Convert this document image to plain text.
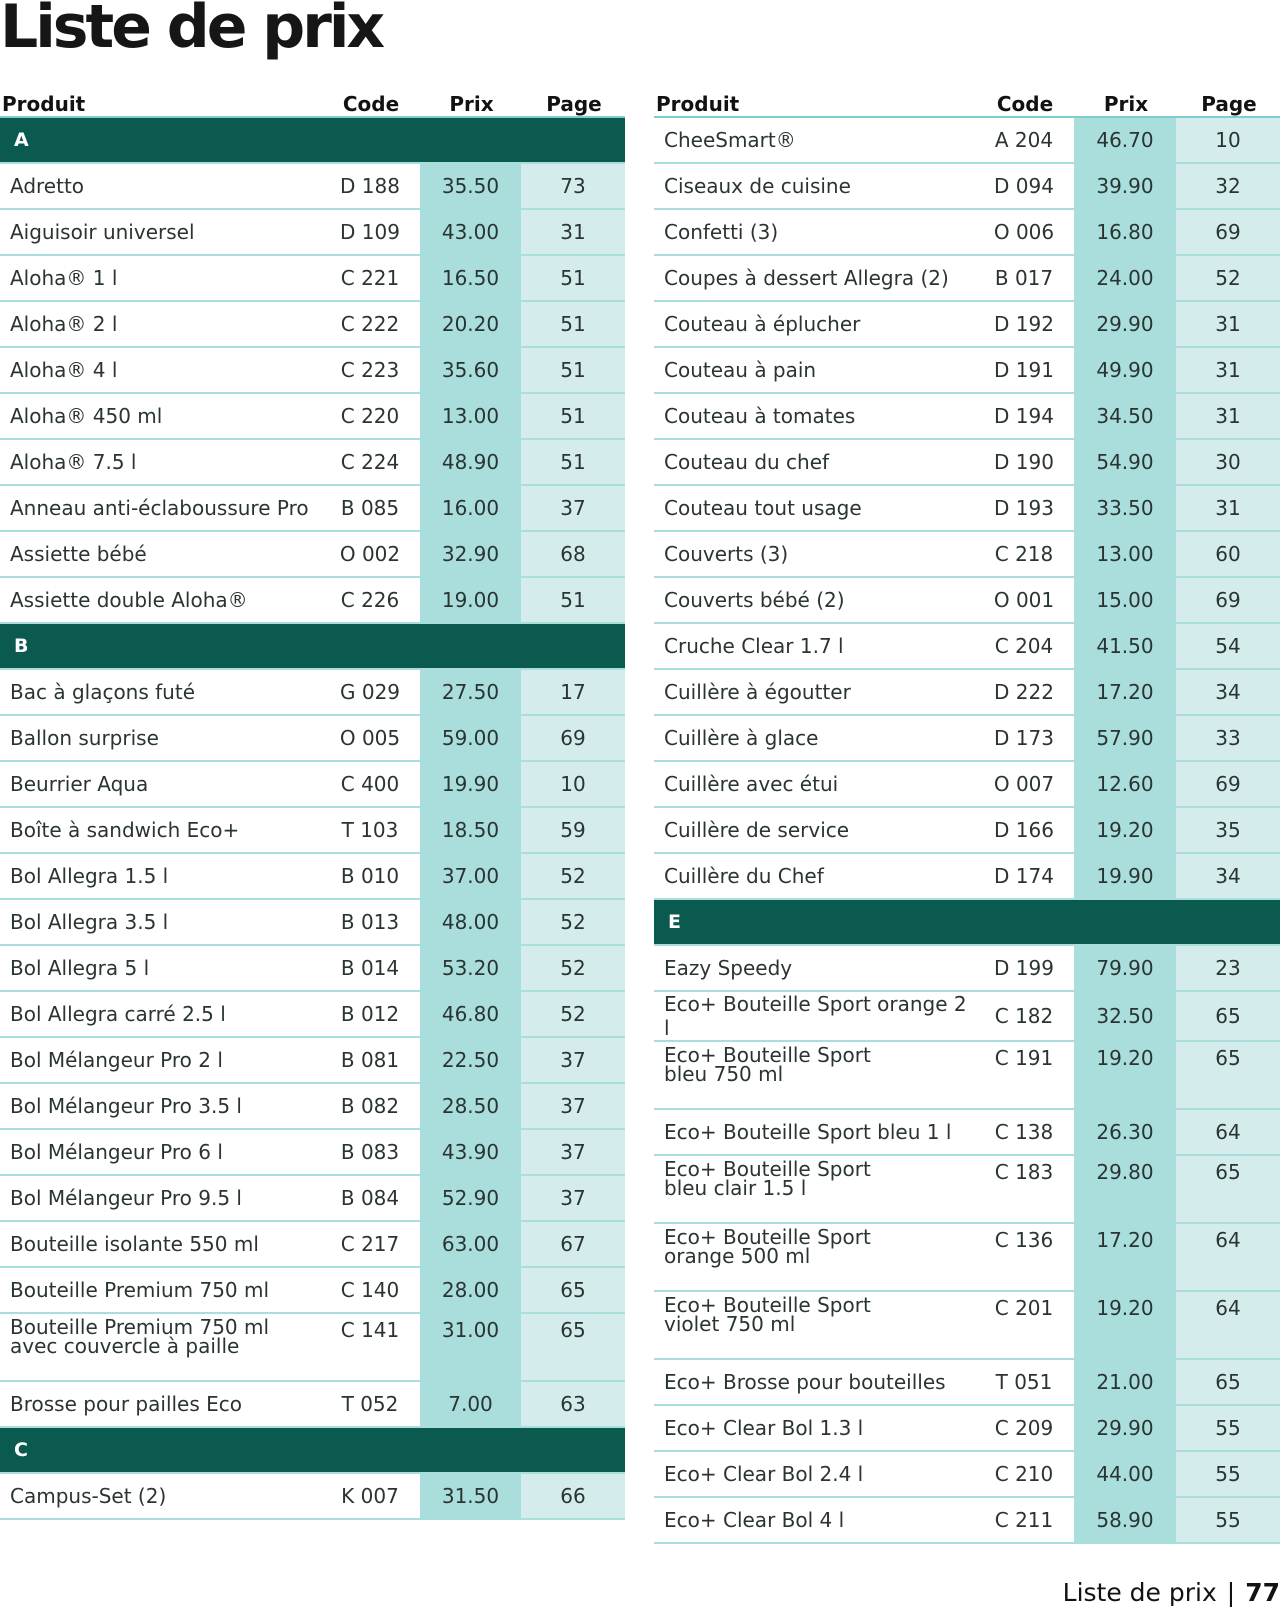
Liste de prix
Produit	Code	Prix	Page
A			

Adretto	D 188	35.50	73

Aiguisoir universel	D 109	43.00	31

Aloha® 1 l	C 221	16.50	51

Aloha® 2 l	C 222	20.20	51

Aloha® 4 l	C 223	35.60	51

Aloha® 450 ml	C 220	13.00	51

Aloha® 7.5 l	C 224	48.90	51

Anneau anti-éclaboussure Pro	B 085	16.00	37

Assiette bébé	O 002	32.90	68

Assiette double Aloha®	C 226	19.00	51
B			

Bac à glaçons futé	G 029	27.50	17

Ballon surprise	O 005	59.00	69

Beurrier Aqua	C 400	19.90	10

Boîte à sandwich Eco+	T 103	18.50	59

Bol Allegra 1.5 l	B 010	37.00	52

Bol Allegra 3.5 l	B 013	48.00	52

Bol Allegra 5 l	B 014	53.20	52

Bol Allegra carré 2.5 l	B 012	46.80	52

Bol Mélangeur Pro 2 l	B 081	22.50	37

Bol Mélangeur Pro 3.5 l	B 082	28.50	37

Bol Mélangeur Pro 6 l	B 083	43.90	37

Bol Mélangeur Pro 9.5 l	B 084	52.90	37

Bouteille isolante 550 ml	C 217	63.00	67

Bouteille Premium 750 ml	C 140	28.00	65

Bouteille Premium 750 ml
avec couvercle à paille	C 141	31.00	65

Brosse pour pailles Eco	T 052	7.00	63
C			

Campus-Set (2)	K 007	31.50	66
Produit	Code	Prix	Page

CheeSmart®	A 204	46.70	10

Ciseaux de cuisine	D 094	39.90	32

Confetti (3)	O 006	16.80	69

Coupes à dessert Allegra (2)	B 017	24.00	52

Couteau à éplucher	D 192	29.90	31

Couteau à pain	D 191	49.90	31

Couteau à tomates	D 194	34.50	31

Couteau du chef	D 190	54.90	30

Couteau tout usage	D 193	33.50	31

Couverts (3)	C 218	13.00	60

Couverts bébé (2)	O 001	15.00	69

Cruche Clear 1.7 l	C 204	41.50	54

Cuillère à égoutter	D 222	17.20	34

Cuillère à glace	D 173	57.90	33

Cuillère avec étui	O 007	12.60	69

Cuillère de service	D 166	19.20	35

Cuillère du Chef	D 174	19.90	34
E			

Eazy Speedy	D 199	79.90	23

Eco+ Bouteille Sport orange 2 l	C 182	32.50	65

Eco+ Bouteille Sport
bleu 750 ml	C 191	19.20	65

Eco+ Bouteille Sport bleu 1 l	C 138	26.30	64

Eco+ Bouteille Sport
bleu clair 1.5 l	C 183	29.80	65

Eco+ Bouteille Sport
orange 500 ml	C 136	17.20	64

Eco+ Bouteille Sport
violet 750 ml	C 201	19.20	64

Eco+ Brosse pour bouteilles	T 051	21.00	65

Eco+ Clear Bol 1.3 l	C 209	29.90	55

Eco+ Clear Bol 2.4 l	C 210	44.00	55

Eco+ Clear Bol 4 l	C 211	58.90	55
Liste de prix | 77
